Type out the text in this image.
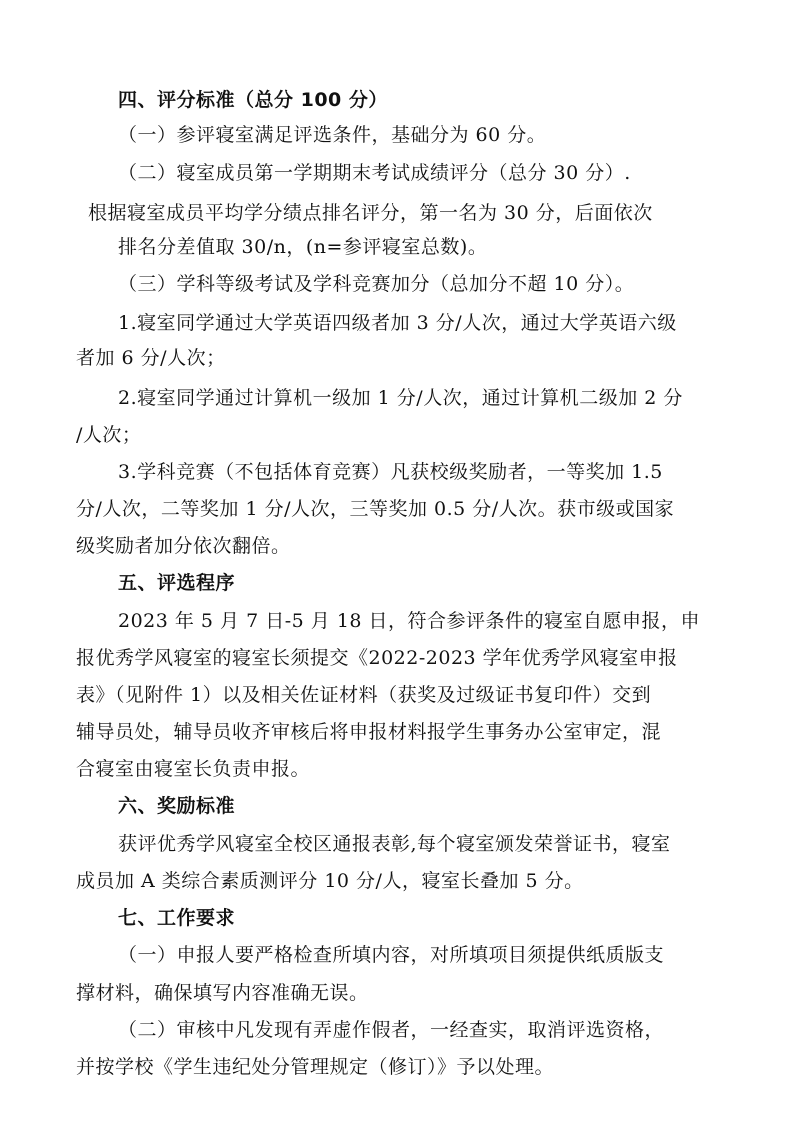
四、评分标准（总分 100 分）
（一）参评寝室满足评选条件，基础分为 60 分。
（二）寝室成员第一学期期末考试成绩评分（总分 30 分）.
根据寝室成员平均学分绩点排名评分，第一名为 30 分，后面依次
排名分差值取 30/n，(n=参评寝室总数)。
（三）学科等级考试及学科竞赛加分（总加分不超 10 分）。
1.寝室同学通过大学英语四级者加 3 分/人次，通过大学英语六级
者加 6 分/人次；
2.寝室同学通过计算机一级加 1 分/人次，通过计算机二级加 2 分
/人次；
3.学科竞赛（不包括体育竞赛）凡获校级奖励者，一等奖加 1.5
分/人次，二等奖加 1 分/人次，三等奖加 0.5 分/人次。获市级或国家
级奖励者加分依次翻倍。
五、评选程序
2023 年 5 月 7 日-5 月 18 日，符合参评条件的寝室自愿申报，申
报优秀学风寝室的寝室长须提交《2022-2023 学年优秀学风寝室申报
表》（见附件 1）以及相关佐证材料（获奖及过级证书复印件）交到
辅导员处，辅导员收齐审核后将申报材料报学生事务办公室审定，混
合寝室由寝室长负责申报。
六、奖励标准
获评优秀学风寝室全校区通报表彰,每个寝室颁发荣誉证书，寝室
成员加 A 类综合素质测评分 10 分/人，寝室长叠加 5 分。
七、工作要求
（一）申报人要严格检查所填内容，对所填项目须提供纸质版支
撑材料，确保填写内容准确无误。
（二）审核中凡发现有弄虚作假者，一经查实，取消评选资格，
并按学校《学生违纪处分管理规定（修订）》予以处理。
